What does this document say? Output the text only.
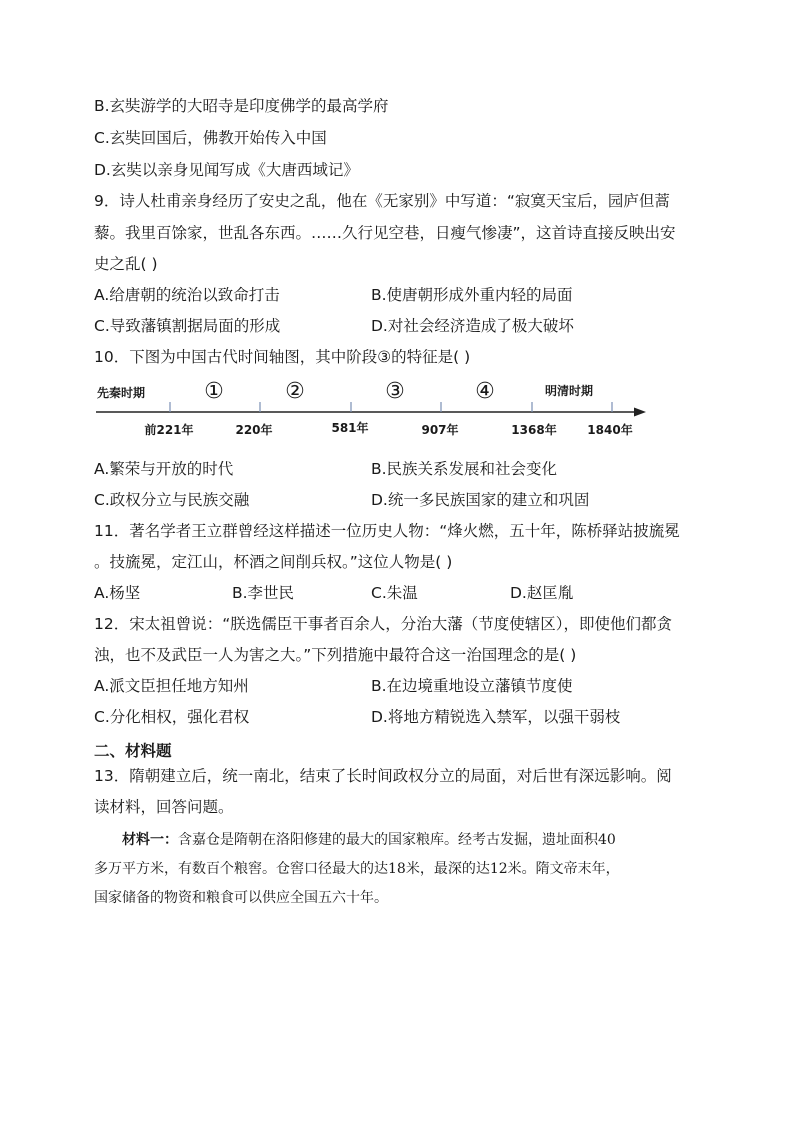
B.玄奘游学的大昭寺是印度佛学的最高学府
C.玄奘回国后，佛教开始传入中国
D.玄奘以亲身见闻写成《大唐西域记》
9．诗人杜甫亲身经历了安史之乱，他在《无家别》中写道：“寂寞天宝后，园庐但蒿
藜。我里百馀家，世乱各东西。……久行见空巷，日瘦气惨凄”，这首诗直接反映出安
史之乱( )
A.给唐朝的统治以致命打击	B.使唐朝形成外重内轻的局面
C.导致藩镇割据局面的形成	D.对社会经济造成了极大破坏
10．下图为中国古代时间轴图，其中阶段③的特征是( )
先秦时期	明清时期
①	②	③	④
前221年	220年	581年	907年	1368年	1840年
A.繁荣与开放的时代	B.民族关系发展和社会变化
C.政权分立与民族交融	D.统一多民族国家的建立和巩固
11．著名学者王立群曾经这样描述一位历史人物：“烽火燃，五十年，陈桥驿站披旒冕
。技旒冕，定江山，杯酒之间削兵权。”这位人物是( )
A.杨坚	B.李世民	C.朱温	D.赵匡胤
12．宋太祖曾说：“朕选儒臣干事者百余人，分治大藩（节度使辖区），即使他们都贪
浊，也不及武臣一人为害之大。”下列措施中最符合这一治国理念的是( )
A.派文臣担任地方知州	B.在边境重地设立藩镇节度使
C.分化相权，强化君权	D.将地方精锐选入禁军，以强干弱枝
二、材料题
13．隋朝建立后，统一南北，结束了长时间政权分立的局面，对后世有深远影响。阅
读材料，回答问题。
材料一：含嘉仓是隋朝在洛阳修建的最大的国家粮库。经考古发掘，遗址面积40
多万平方米，有数百个粮窖。仓窖口径最大的达18米，最深的达12米。隋文帝末年，
国家储备的物资和粮食可以供应全国五六十年。
